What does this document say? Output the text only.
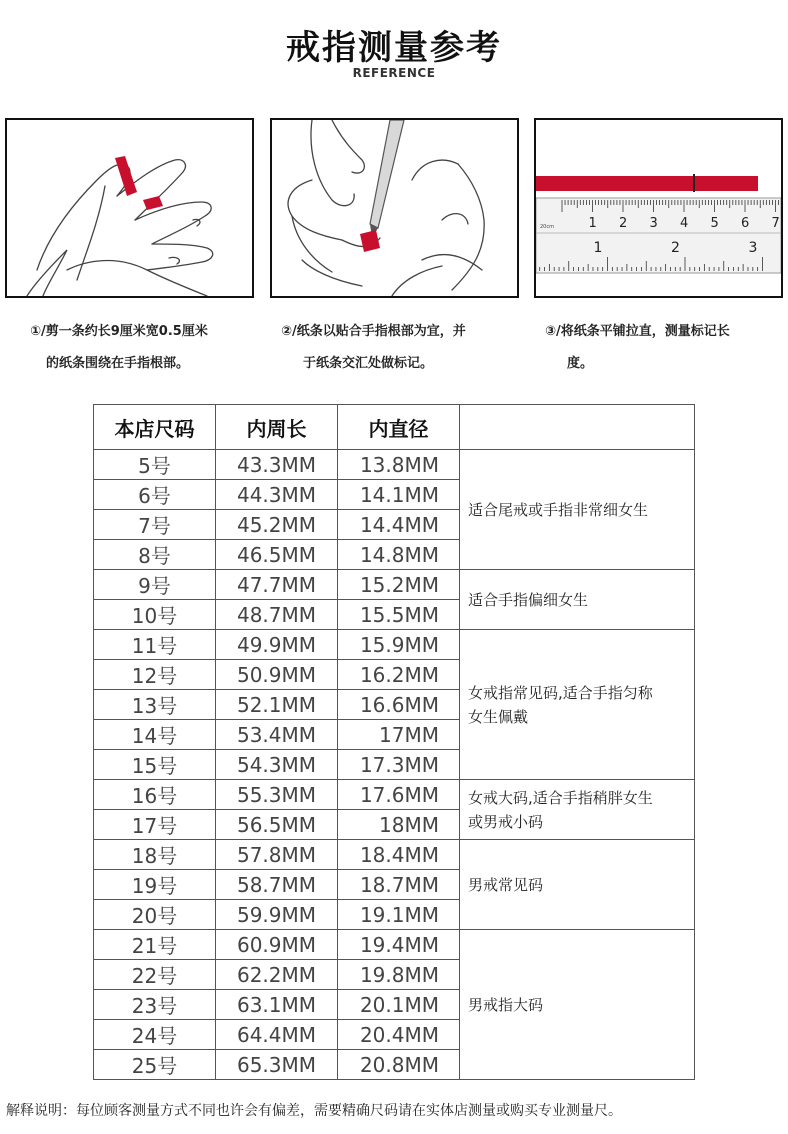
戒指测量参考
REFERENCE
20cm	1 2 3 4 5 6 7
1	2	3
①/剪一条约长9厘米宽0.5厘米
的纸条围绕在手指根部。
②/纸条以贴合手指根部为宜，并
于纸条交汇处做标记。
③/将纸条平铺拉直，测量标记长
度。
本店尺码	内周长	内直径	
5号	43.3MM	13.8MM	适合尾戒或手指非常细女生

6号	44.3MM	14.1MM	
7号	45.2MM	14.4MM	
8号	46.5MM	14.8MM	
9号	47.7MM	15.2MM	适合手指偏细女生

10号	48.7MM	15.5MM	
11号	49.9MM	15.9MM	女戒指常见码,适合手指匀称
女生佩戴

12号	50.9MM	16.2MM	
13号	52.1MM	16.6MM	
14号	53.4MM	17MM	
15号	54.3MM	17.3MM	
16号	55.3MM	17.6MM	女戒大码,适合手指稍胖女生
或男戒小码

17号	56.5MM	18MM	
18号	57.8MM	18.4MM	男戒常见码

19号	58.7MM	18.7MM	
20号	59.9MM	19.1MM	
21号	60.9MM	19.4MM	男戒指大码

22号	62.2MM	19.8MM	
23号	63.1MM	20.1MM	
24号	64.4MM	20.4MM	
25号	65.3MM	20.8MM	
解释说明：每位顾客测量方式不同也许会有偏差，需要精确尺码请在实体店测量或购买专业测量尺。
